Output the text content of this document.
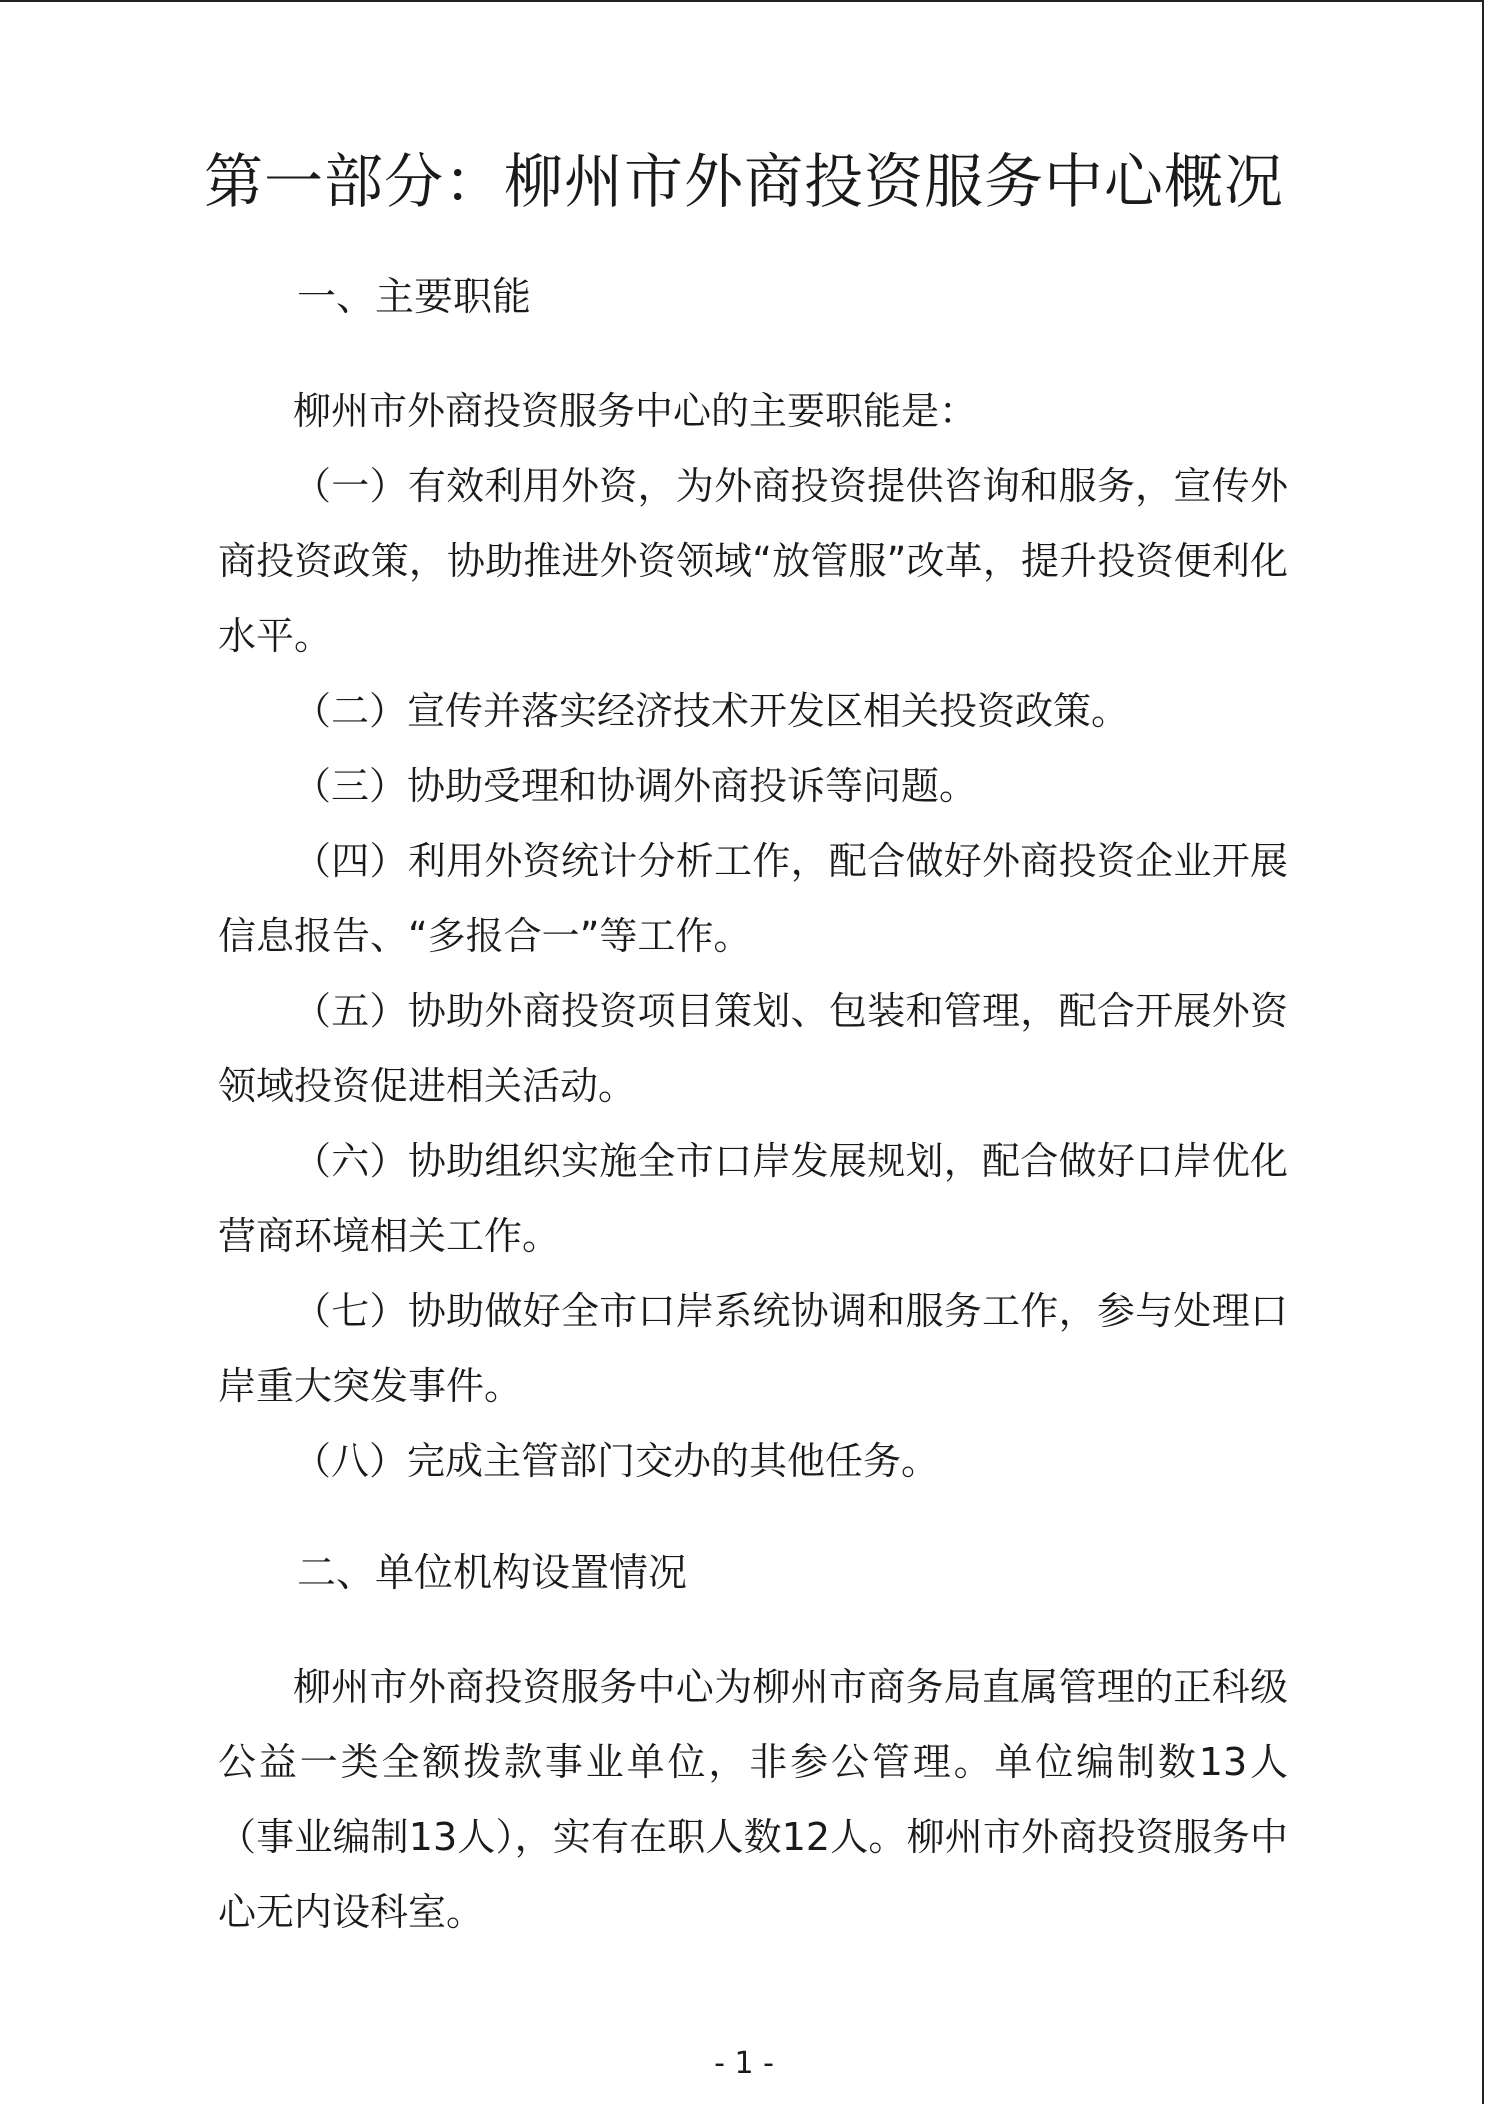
第一部分：柳州市外商投资服务中心概况
一、主要职能

柳州市外商投资服务中心的主要职能是：

（一）有效利用外资，为外商投资提供咨询和服务，宣传外商投资政策，协助推进外资领域“放管服”改革，提升投资便利化水平。

（二）宣传并落实经济技术开发区相关投资政策。

（三）协助受理和协调外商投诉等问题。

（四）利用外资统计分析工作，配合做好外商投资企业开展信息报告、“多报合一”等工作。

（五）协助外商投资项目策划、包装和管理，配合开展外资领域投资促进相关活动。

（六）协助组织实施全市口岸发展规划，配合做好口岸优化营商环境相关工作。

（七）协助做好全市口岸系统协调和服务工作，参与处理口岸重大突发事件。

（八）完成主管部门交办的其他任务。

二、单位机构设置情况

柳州市外商投资服务中心为柳州市商务局直属管理的正科级公益一类全额拨款事业单位，非参公管理。单位编制数13人（事业编制13人），实有在职人数12人。柳州市外商投资服务中心无内设科室。

- 1 -
